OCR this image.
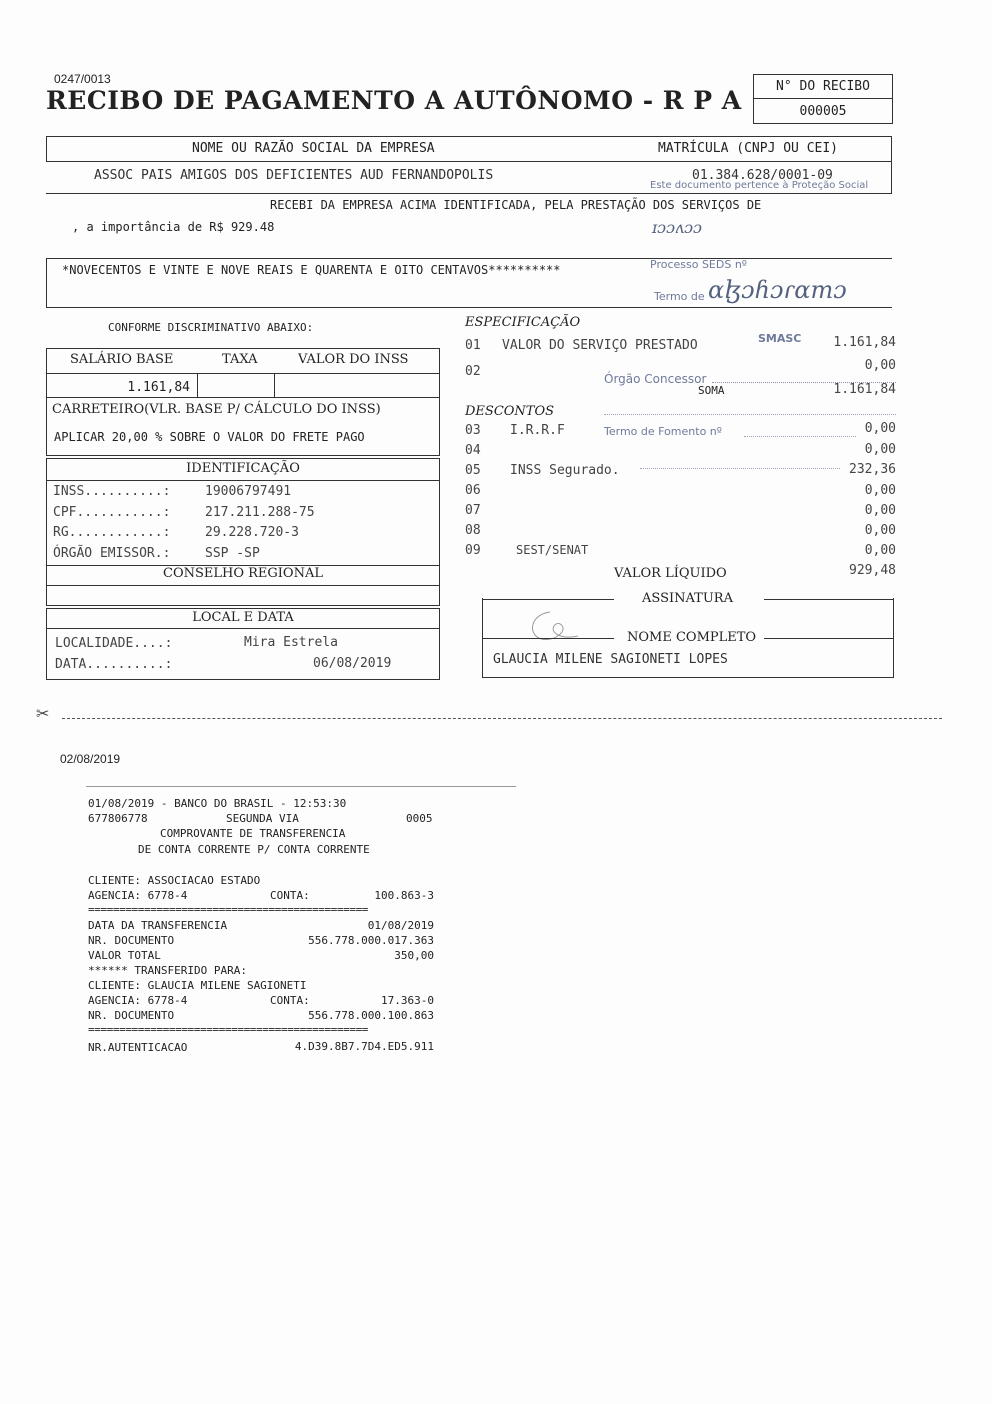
0247/0013
RECIBO DE PAGAMENTO A AUTÔNOMO - R P A	N° DO RECIBO
000005
NOME OU RAZÃO SOCIAL DA EMPRESA	MATRÍCULA (CNPJ OU CEI)
ASSOC PAIS AMIGOS DOS DEFICIENTES AUD FERNANDOPOLIS	01.384.628/0001-09
Este documento pertence à Proteção Social
RECEBI DA EMPRESA ACIMA IDENTIFICADA, PELA PRESTAÇÃO DOS SERVIÇOS DE
, a importância de R$ 929.48	ɪɔɔʌɔɔ
*NOVECENTOS E VINTE E NOVE REAIS E QUARENTA E OITO CENTAVOS**********	Processo SEDS nº
Termo de ɑɮɔɦɔɾɑmɔ
CONFORME DISCRIMINATIVO ABAIXO:
SALÁRIO BASE	TAXA	VALOR DO INSS
1.161,84
CARRETEIRO(VLR. BASE P/ CÁLCULO DO INSS)
APLICAR 20,00 % SOBRE O VALOR DO FRETE PAGO
IDENTIFICAÇÃO
INSS..........:	19006797491
CPF...........:	217.211.288-75
RG............:	29.228.720-3
ÓRGÃO EMISSOR.:	SSP -SP
CONSELHO REGIONAL
LOCAL E DATA
LOCALIDADE....:	Mira Estrela
DATA..........:	06/08/2019
ESPECIFICAÇÃO
01 VALOR DO SERVIÇO PRESTADO	SMASC	1.161,84
02	0,00
Órgão Concessor
SOMA	1.161,84
DESCONTOS
03 I.R.R.F	Termo de Fomento nº	0,00
04	0,00
05 INSS Segurado.	232,36
06	0,00
07	0,00
08	0,00
09	SEST/SENAT	0,00
VALOR LÍQUIDO	929,48
ASSINATURA
NOME COMPLETO
GLAUCIA MILENE SAGIONETI LOPES
✂
02/08/2019
01/08/2019 - BANCO DO BRASIL - 12:53:30
677806778	SEGUNDA VIA	0005
COMPROVANTE DE TRANSFERENCIA
DE CONTA CORRENTE P/ CONTA CORRENTE
CLIENTE: ASSOCIACAO ESTADO
AGENCIA: 6778-4	CONTA:	100.863-3
=============================================
DATA DA TRANSFERENCIA	01/08/2019
NR. DOCUMENTO	556.778.000.017.363
VALOR TOTAL	350,00
****** TRANSFERIDO PARA:
CLIENTE: GLAUCIA MILENE SAGIONETI
AGENCIA: 6778-4	CONTA:	17.363-0
NR. DOCUMENTO	556.778.000.100.863
=============================================
NR.AUTENTICACAO	4.D39.8B7.7D4.ED5.911
